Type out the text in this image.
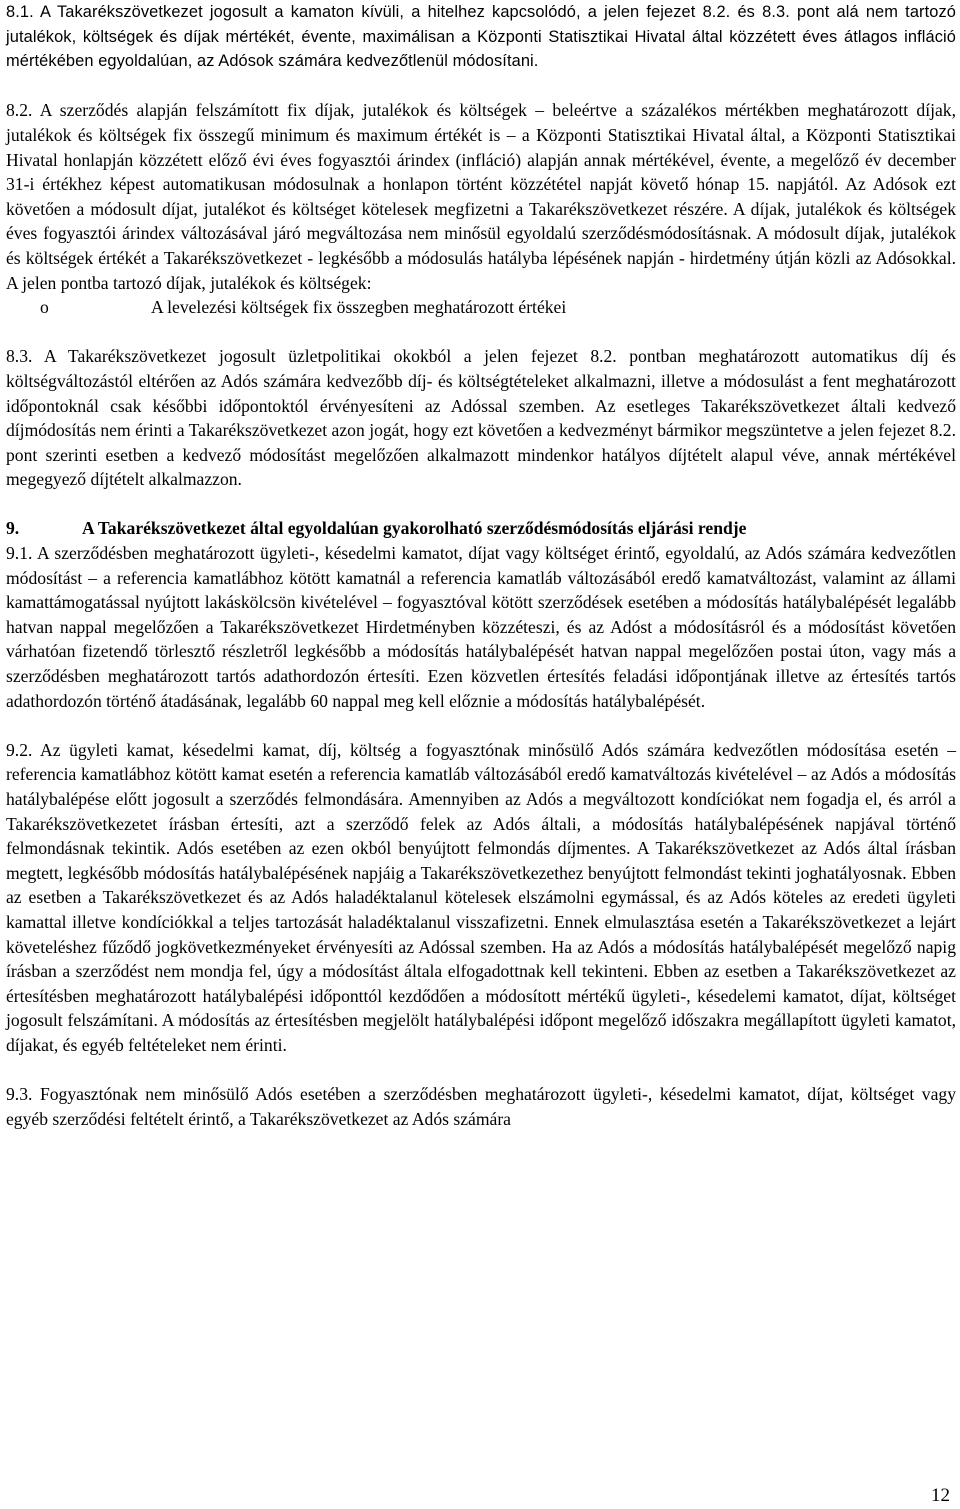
8.1. A Takarékszövetkezet jogosult a kamaton kívüli, a hitelhez kapcsolódó, a jelen fejezet 8.2. és 8.3. pont alá nem tartozó jutalékok, költségek és díjak mértékét, évente, maximálisan a Központi Statisztikai Hivatal által közzétett éves átlagos infláció mértékében egyoldalúan, az Adósok számára kedvezőtlenül módosítani.

8.2. A szerződés alapján felszámított fix díjak, jutalékok és költségek – beleértve a százalékos mértékben meghatározott díjak, jutalékok és költségek fix összegű minimum és maximum értékét is – a Központi Statisztikai Hivatal által, a Központi Statisztikai Hivatal honlapján közzétett előző évi éves fogyasztói árindex (infláció) alapján annak mértékével, évente, a megelőző év december 31-i értékhez képest automatikusan módosulnak a honlapon történt közzététel napját követő hónap 15. napjától. Az Adósok ezt követően a módosult díjat, jutalékot és költséget kötelesek megfizetni a Takarékszövetkezet részére. A díjak, jutalékok és költségek éves fogyasztói árindex változásával járó megváltozása nem minősül egyoldalú szerződésmódosításnak. A módosult díjak, jutalékok és költségek értékét a Takarékszövetkezet - legkésőbb a módosulás hatályba lépésének napján - hirdetmény útján közli az Adósokkal. A jelen pontba tartozó díjak, jutalékok és költségek:

o	A levelezési költségek fix összegben meghatározott értékei

8.3. A Takarékszövetkezet jogosult üzletpolitikai okokból a jelen fejezet 8.2. pontban meghatározott automatikus díj és költségváltozástól eltérően az Adós számára kedvezőbb díj- és költségtételeket alkalmazni, illetve a módosulást a fent meghatározott időpontoknál csak későbbi időpontoktól érvényesíteni az Adóssal szemben. Az esetleges Takarékszövetkezet általi kedvező díjmódosítás nem érinti a Takarékszövetkezet azon jogát, hogy ezt követően a kedvezményt bármikor megszüntetve a jelen fejezet 8.2. pont szerinti esetben a kedvező módosítást megelőzően alkalmazott mindenkor hatályos díjtételt alapul véve, annak mértékével megegyező díjtételt alkalmazzon.

9.	A Takarékszövetkezet által egyoldalúan gyakorolható szerződésmódosítás eljárási rendje

9.1. A szerződésben meghatározott ügyleti-, késedelmi kamatot, díjat vagy költséget érintő, egyoldalú, az Adós számára kedvezőtlen módosítást – a referencia kamatlábhoz kötött kamatnál a referencia kamatláb változásából eredő kamatváltozást, valamint az állami kamattámogatással nyújtott lakáskölcsön kivételével – fogyasztóval kötött szerződések esetében a módosítás hatálybalépését legalább hatvan nappal megelőzően a Takarékszövetkezet Hirdetményben közzéteszi, és az Adóst a módosításról és a módosítást követően várhatóan fizetendő törlesztő részletről legkésőbb a módosítás hatálybalépését hatvan nappal megelőzően postai úton, vagy más a szerződésben meghatározott tartós adathordozón értesíti. Ezen közvetlen értesítés feladási időpontjának illetve az értesítés tartós adathordozón történő átadásának, legalább 60 nappal meg kell előznie a módosítás hatálybalépését.

9.2. Az ügyleti kamat, késedelmi kamat, díj, költség a fogyasztónak minősülő Adós számára kedvezőtlen módosítása esetén – referencia kamatlábhoz kötött kamat esetén a referencia kamatláb változásából eredő kamatváltozás kivételével – az Adós a módosítás hatálybalépése előtt jogosult a szerződés felmondására. Amennyiben az Adós a megváltozott kondíciókat nem fogadja el, és arról a Takarékszövetkezetet írásban értesíti, azt a szerződő felek az Adós általi, a módosítás hatálybalépésének napjával történő felmondásnak tekintik. Adós esetében az ezen okból benyújtott felmondás díjmentes. A Takarékszövetkezet az Adós által írásban megtett, legkésőbb módosítás hatálybalépésének napjáig a Takarékszövetkezethez benyújtott felmondást tekinti joghatályosnak. Ebben az esetben a Takarékszövetkezet és az Adós haladéktalanul kötelesek elszámolni egymással, és az Adós köteles az eredeti ügyleti kamattal illetve kondíciókkal a teljes tartozását haladéktalanul visszafizetni. Ennek elmulasztása esetén a Takarékszövetkezet a lejárt követeléshez fűződő jogkövetkezményeket érvényesíti az Adóssal szemben. Ha az Adós a módosítás hatálybalépését megelőző napig írásban a szerződést nem mondja fel, úgy a módosítást általa elfogadottnak kell tekinteni. Ebben az esetben a Takarékszövetkezet az értesítésben meghatározott hatálybalépési időponttól kezdődően a módosított mértékű ügyleti-, késedelemi kamatot, díjat, költséget jogosult felszámítani. A módosítás az értesítésben megjelölt hatálybalépési időpont megelőző időszakra megállapított ügyleti kamatot, díjakat, és egyéb feltételeket nem érinti.

9.3. Fogyasztónak nem minősülő Adós esetében a szerződésben meghatározott ügyleti-, késedelmi kamatot, díjat, költséget vagy egyéb szerződési feltételt érintő, a Takarékszövetkezet az Adós számára

12
